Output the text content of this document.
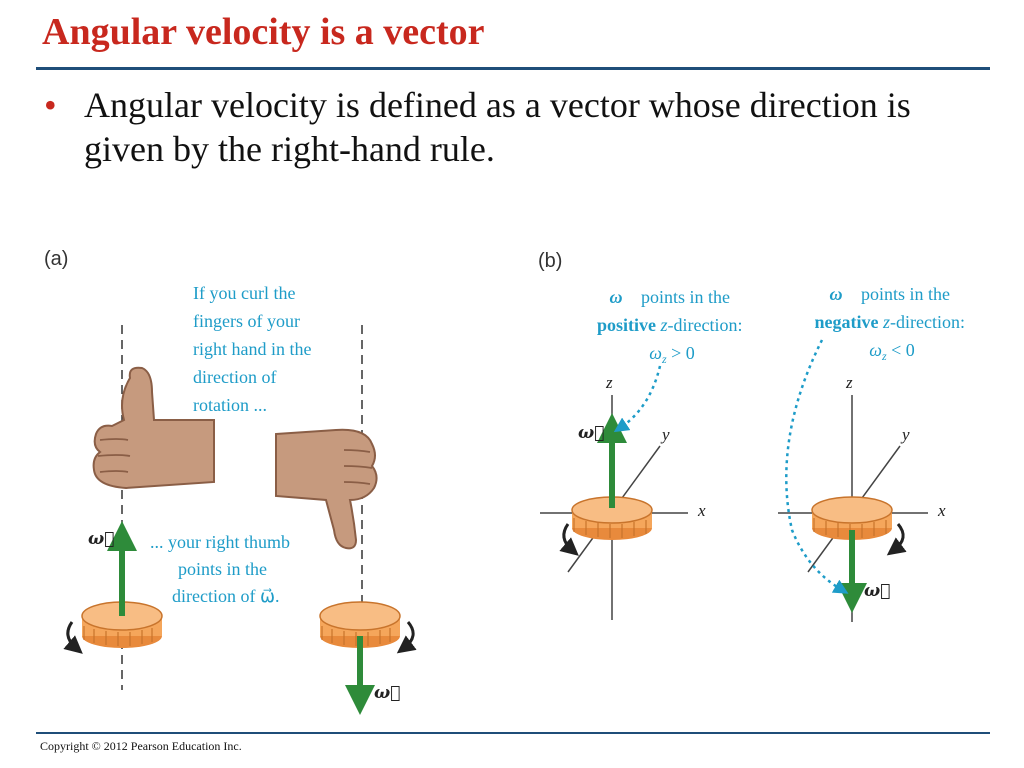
Angular velocity is a vector
• Angular velocity is defined as a vector whose direction is given by the right-hand rule.
(a)
If you curl the fingers of your right hand in the direction of rotation ...
... your right thumb points in the direction of ω⃗.
ω⃗
ω⃗
(b)
ω⃗ points in the positive z-direction: $\omega_z > 0$
z
y
x
ω⃗
ω⃗ points in the negative z-direction: $\omega_z < 0$
z
y
x
ω⃗
Copyright © 2012 Pearson Education Inc.
